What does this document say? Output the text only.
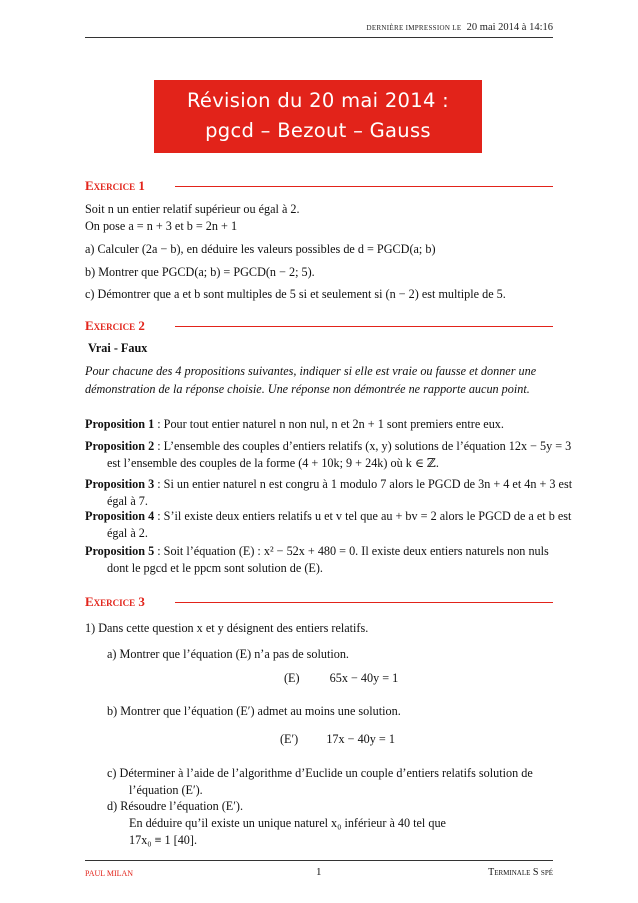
DERNIÈRE IMPRESSION LE 20 mai 2014 à 14:16
Révision du 20 mai 2014 :
pgcd – Bezout – Gauss
Exercice 1
Soit n un entier relatif supérieur ou égal à 2.
On pose a = n + 3 et b = 2n + 1
a) Calculer (2a − b), en déduire les valeurs possibles de d = PGCD(a; b)
b) Montrer que PGCD(a; b) = PGCD(n − 2; 5).
c) Démontrer que a et b sont multiples de 5 si et seulement si (n − 2) est multiple de 5.
Exercice 2
Vrai - Faux
Pour chacune des 4 propositions suivantes, indiquer si elle est vraie ou fausse et donner une démonstration de la réponse choisie. Une réponse non démontrée ne rapporte aucun point.
Proposition 1 : Pour tout entier naturel n non nul, n et 2n + 1 sont premiers entre eux.
Proposition 2 : L’ensemble des couples d’entiers relatifs (x, y) solutions de l’équation 12x − 5y = 3 est l’ensemble des couples de la forme (4 + 10k; 9 + 24k) où k ∈ ℤ.
Proposition 3 : Si un entier naturel n est congru à 1 modulo 7 alors le PGCD de 3n + 4 et 4n + 3 est égal à 7.
Proposition 4 : S’il existe deux entiers relatifs u et v tel que au + bv = 2 alors le PGCD de a et b est égal à 2.
Proposition 5 : Soit l’équation (E) : x² − 52x + 480 = 0. Il existe deux entiers naturels non nuls dont le pgcd et le ppcm sont solution de (E).
Exercice 3
1) Dans cette question x et y désignent des entiers relatifs.
a) Montrer que l’équation (E) n’a pas de solution.
(E) 65x − 40y = 1
b) Montrer que l’équation (E′) admet au moins une solution.
(E′) 17x − 40y = 1
c) Déterminer à l’aide de l’algorithme d’Euclide un couple d’entiers relatifs solution de l’équation (E′).
d) Résoudre l’équation (E′).
En déduire qu’il existe un unique naturel x₀ inférieur à 40 tel que
17x₀ ≡ 1 [40].
PAUL MILAN	1	Terminale S spé
